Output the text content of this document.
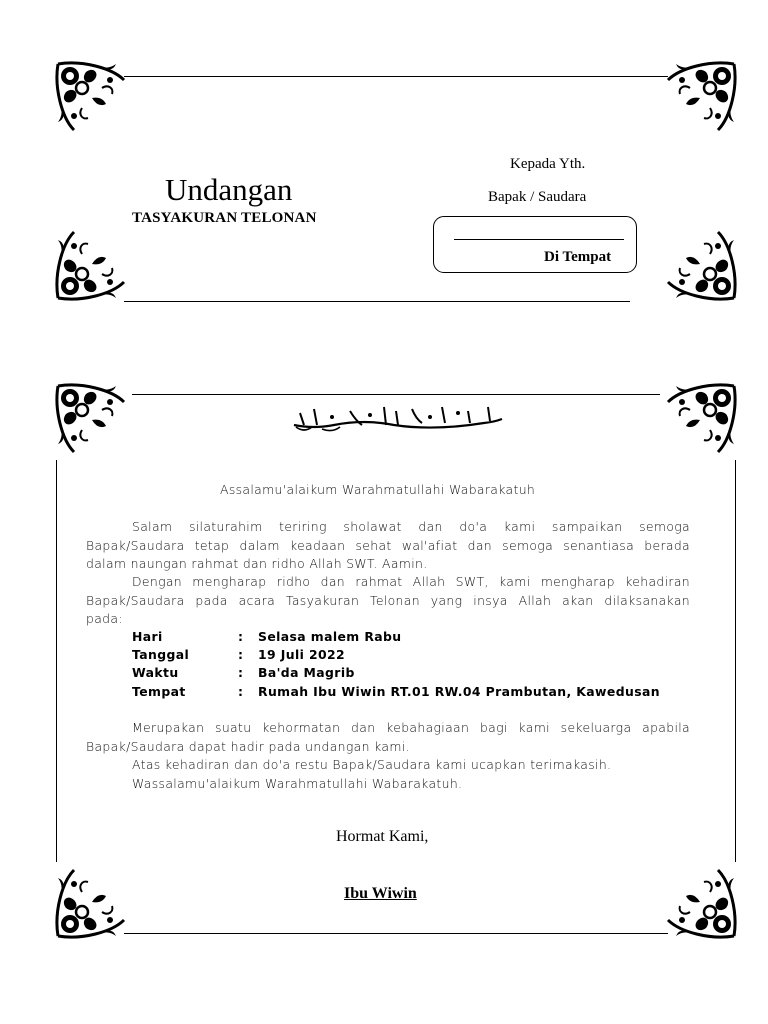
Undangan
TASYAKURAN TELONAN
Kepada Yth.
Bapak / Saudara
Di Tempat
Assalamu'alaikum Warahmatullahi Wabarakatuh
Salam silaturahim teriring sholawat dan do'a kami sampaikan semoga
Bapak/Saudara tetap dalam keadaan sehat wal'afiat dan semoga senantiasa berada
dalam naungan rahmat dan ridho Allah SWT. Aamin.
Dengan mengharap ridho dan rahmat Allah SWT, kami mengharap kehadiran
Bapak/Saudara pada acara Tasyakuran Telonan yang insya Allah akan dilaksanakan
pada:
Hari	: Selasa malem Rabu
Tanggal	: 19 Juli 2022
Waktu	: Ba'da Magrib
Tempat	: Rumah Ibu Wiwin RT.01 RW.04 Prambutan, Kawedusan
Merupakan suatu kehormatan dan kebahagiaan bagi kami sekeluarga apabila
Bapak/Saudara dapat hadir pada undangan kami.
Atas kehadiran dan do'a restu Bapak/Saudara kami ucapkan terimakasih.
Wassalamu'alaikum Warahmatullahi Wabarakatuh.
Hormat Kami,
Ibu Wiwin
